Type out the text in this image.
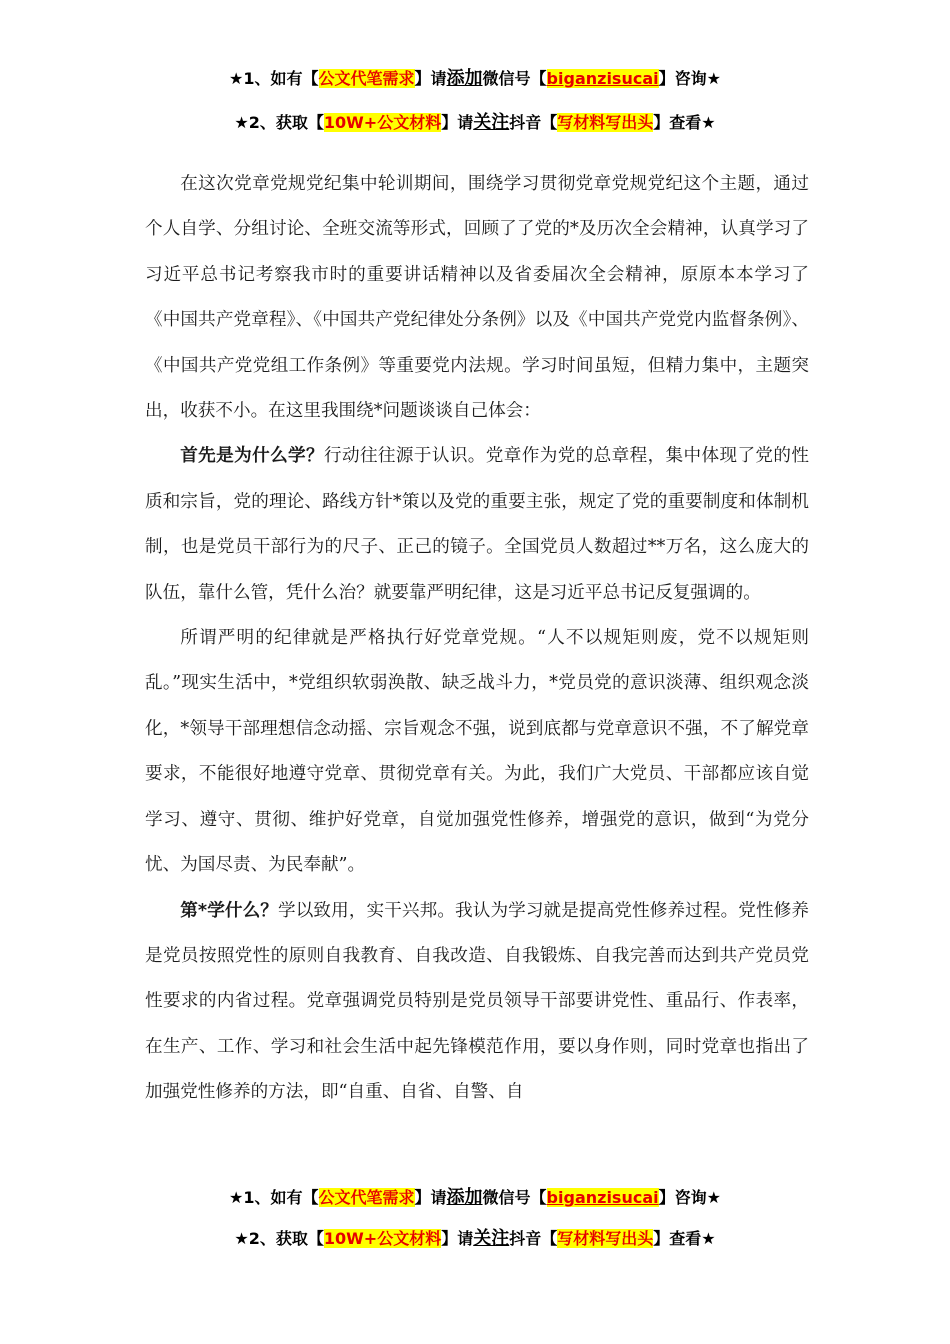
★1、如有【公文代笔需求】请添加微信号【biganzisucai】咨询★
★2、获取【10W+公文材料】请关注抖音【写材料写出头】查看★

在这次党章党规党纪集中轮训期间，围绕学习贯彻党章党规党纪这个主题，通过个人自学、分组讨论、全班交流等形式，回顾了了党的*及历次全会精神，认真学习了习近平总书记考察我市时的重要讲话精神以及省委届次全会精神，原原本本学习了《中国共产党章程》、《中国共产党纪律处分条例》以及《中国共产党党内监督条例》、《中国共产党党组工作条例》等重要党内法规。学习时间虽短，但精力集中，主题突出，收获不小。在这里我围绕*问题谈谈自己体会：

首先是为什么学？行动往往源于认识。党章作为党的总章程，集中体现了党的性质和宗旨，党的理论、路线方针*策以及党的重要主张，规定了党的重要制度和体制机制，也是党员干部行为的尺子、正己的镜子。全国党员人数超过**万名，这么庞大的队伍，靠什么管，凭什么治？就要靠严明纪律，这是习近平总书记反复强调的。

所谓严明的纪律就是严格执行好党章党规。“人不以规矩则废，党不以规矩则乱。”现实生活中，*党组织软弱涣散、缺乏战斗力，*党员党的意识淡薄、组织观念淡化，*领导干部理想信念动摇、宗旨观念不强，说到底都与党章意识不强，不了解党章要求，不能很好地遵守党章、贯彻党章有关。为此，我们广大党员、干部都应该自觉学习、遵守、贯彻、维护好党章，自觉加强党性修养，增强党的意识，做到“为党分忧、为国尽责、为民奉献”。

第*学什么？学以致用，实干兴邦。我认为学习就是提高党性修养过程。党性修养是党员按照党性的原则自我教育、自我改造、自我锻炼、自我完善而达到共产党员党性要求的内省过程。党章强调党员特别是党员领导干部要讲党性、重品行、作表率，在生产、工作、学习和社会生活中起先锋模范作用，要以身作则，同时党章也指出了加强党性修养的方法，即“自重、自省、自警、自

★1、如有【公文代笔需求】请添加微信号【biganzisucai】咨询★
★2、获取【10W+公文材料】请关注抖音【写材料写出头】查看★
